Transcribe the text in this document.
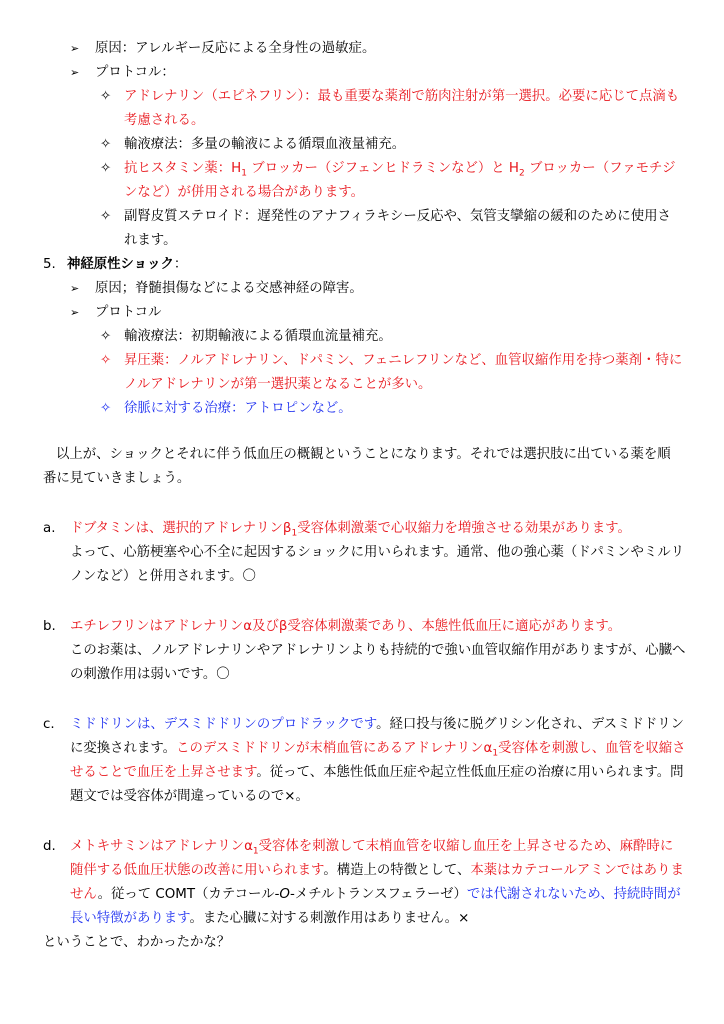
➢ 原因：アレルギー反応による全身性の過敏症。
➢ プロトコル：
✧ アドレナリン（エピネフリン）：最も重要な薬剤で筋肉注射が第一選択。必要に応じて点滴も考慮される。
✧ 輸液療法：多量の輸液による循環血液量補充。
✧ 抗ヒスタミン薬：$H_1$ ブロッカー（ジフェンヒドラミンなど）と $H_2$ ブロッカー（ファモチジンなど）が併用される場合があります。
✧ 副腎皮質ステロイド：遅発性のアナフィラキシー反応や、気管支攣縮の緩和のために使用されます。
5. 神経原性ショック：
➢ 原因；脊髄損傷などによる交感神経の障害。
➢ プロトコル
✧ 輸液療法：初期輸液による循環血流量補充。
✧ 昇圧薬：ノルアドレナリン、ドパミン、フェニレフリンなど、血管収縮作用を持つ薬剤・特にノルアドレナリンが第一選択薬となることが多い。
✧ 徐脈に対する治療：アトロピンなど。
以上が、ショックとそれに伴う低血圧の概観ということになります。それでは選択肢に出ている薬を順番に見ていきましょう。
a. ドブタミンは、選択的アドレナリン$\beta_1$受容体刺激薬で心収縮力を増強させる効果があります。
よって、心筋梗塞や心不全に起因するショックに用いられます。通常、他の強心薬（ドパミンやミルリノンなど）と併用されます。〇
b. エチレフリンはアドレナリンα及びβ受容体刺激薬であり、本態性低血圧に適応があります。
このお薬は、ノルアドレナリンやアドレナリンよりも持続的で強い血管収縮作用がありますが、心臓への刺激作用は弱いです。〇
c. ミドドリンは、デスミドドリンのプロドラックです。経口投与後に脱グリシン化され、デスミドドリンに変換されます。このデスミドドリンが末梢血管にあるアドレナリン$\alpha_1$受容体を刺激し、血管を収縮させることで血圧を上昇させます。従って、本態性低血圧症や起立性低血圧症の治療に用いられます。問題文では受容体が間違っているので×。
d. メトキサミンはアドレナリン$\alpha_1$受容体を刺激して末梢血管を収縮し血圧を上昇させるため、麻酔時に随伴する低血圧状態の改善に用いられます。構造上の特徴として、本薬はカテコールアミンではありません。従って COMT（カテコール-O-メチルトランスフェラーゼ）では代謝されないため、持続時間が長い特徴があります。また心臓に対する刺激作用はありません。×
ということで、わかったかな？
